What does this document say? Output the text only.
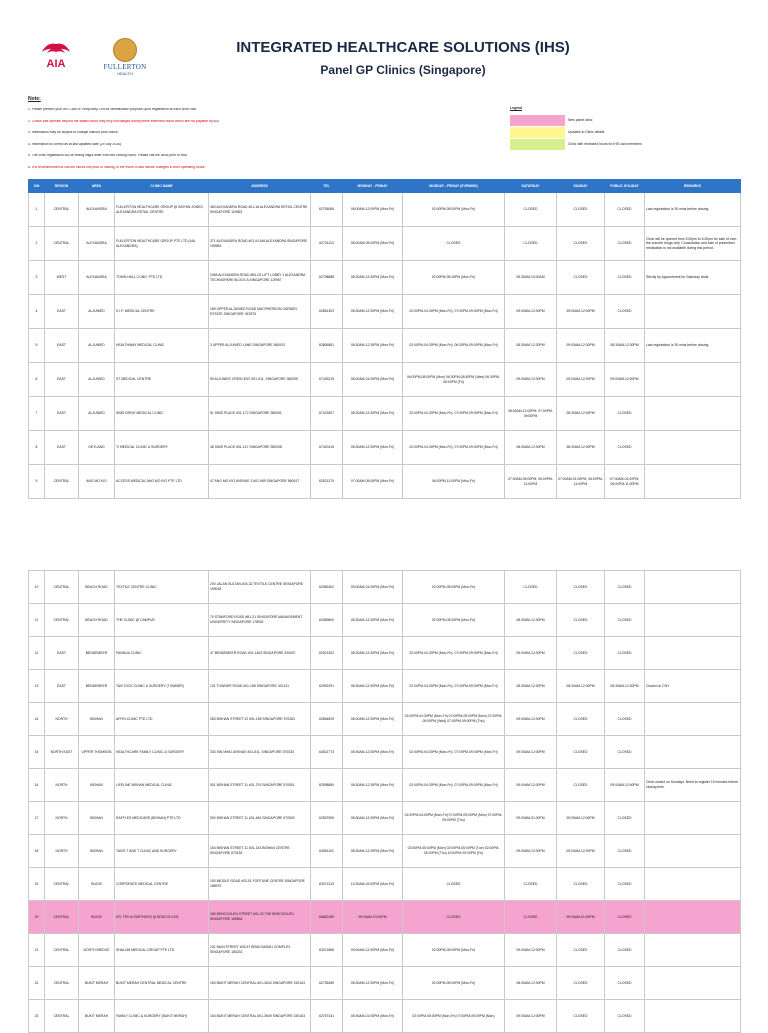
AIA	FULLERTON
HEALTH
INTEGRATED HEALTHCARE SOLUTIONS (IHS)
Panel GP Clinics (Singapore)
Note:
1. Please present your IHS Card or Temporary Chit for identification purpose upon registration at each clinic visit.
2. Clinics that operate beyond the stated hours may levy surcharges during these extended hours which are not payable by AIA.
3. Information may be subject to change without prior notice.
4. Information is correct as at last updated date (29 July 2016).
5. The clinic registration cut-off timing might differ from the closing hours. Please call the clinic prior to visit.
6. It is recommended to call the clinics first prior to visiting, in the event of last minute changes in their operating hours.
Legend
New panel clinic
Updates to Clinic details
Clinic with restricted hours for IHS card members
S/N	REGION	AREA	CLINIC NAME	ADDRESS	TEL	MONDAY - FRIDAY	MONDAY - FRIDAY (EVENING)	SATURDAY	SUNDAY	PUBLIC HOLIDAY	REMARKS
1	CENTRAL	ALEXANDRA	FULLERTON HEALTHCARE GROUP @ SATHIN JONES, ALEXANDRA RETAIL CENTRE	460 ALEXANDRA ROAD #01-16 ALEXANDRA RETAIL CENTRE SINGAPORE 119963	62755066	08:00AM-12:00PM (Mon-Fri)	02:00PM-05:00PM (Mon-Fri)	CLOSED	CLOSED	CLOSED	Last registration is 30 mins before closing
2	CENTRAL	ALEXANDRA	FULLERTON HEALTHCARE GROUP PTE LTD (AIA ALEXANDRA)	371 ALEXANDRA ROAD #01-04 AIA ALEXANDRA SINGAPORE 159963	62701113	08:00AM-05:00PM (Mon-Fri)	CLOSED	CLOSED	CLOSED	CLOSED	Clinic will be opened from 5.00pm to 5.30pm for sale of over-the-counter drugs only. Consultation and sale of prescribed medication is not available during this period.
3	WEST	ALEXANDRA	TOWN HALL CLINIC PTE LTD	1065 ALEXANDRA ROAD #B1-02 LIFT LOBBY 1 ALEXANDRA TECHNOPARK BLOCK A SINGAPORE 119967	62798888	08:30AM-12:30PM (Mon-Fri)	02:00PM-05:15PM (Mon-Fri)	08:30AM-10:00AM	CLOSED	CLOSED	Strictly by Appointment for Saturday visits
4	EAST	ALJUNIED	K.I.P. MEDICAL CENTRE	189 UPPER ALJUNIED ROAD MACPHERSON GARDEN ESTATE SINGAPORE 367875	62861303	08:30AM-12:30PM (Mon-Fri)	02:00PM-04:30PM (Mon-Fri), 07:00PM-09:00PM (Mon-Fri)	09:00AM-12:00PM	09:00AM-12:00PM	CLOSED	
5	EAST	ALJUNIED	HEALTHWAY MEDICAL CLINIC	3 UPPER ALJUNIED LANE SINGAPORE 360003	62806861	08:30AM-12:30PM (Mon-Fri)	02:00PM-04:30PM (Mon-Fri), 06:30PM-09:00PM (Mon-Fri)	08:30AM-12:30PM	09:00AM-12:30PM	08:30AM-12:30PM	Last registration is 30 mins before closing
6	EAST	ALJUNIED	ST MEDICAL CENTRE	95 ALJUNIED CRESCENT #01-511, SINGAPORE 380095	67426219	08:00AM-01:00PM (Mon-Fri)	06:00PM-08:00PM (Mon) 06:30PM-08:30PM (Wed) 06:30PM-08:00PM (Fri)	09:00AM-12:00PM	09:00AM-12:00PM	09:00AM-12:00PM	
7	EAST	ALJUNIED	SIMS DRIVE MEDICAL CLINIC	51 SIMS PLACE #01-172 SINGAPORE 380051	67421807	08:30AM-12:30PM (Mon-Fri)	02:00PM-04:30PM (Mon-Fri), 07:00PM-09:00PM (Mon-Fri)	08:00AM-12:00PM, 07:00PM-09:00PM	08:30AM-12:00PM	CLOSED	
8	EAST	GEYLANG	TI MEDICAL CLINIC & SURGERY	38 SIMS PLACE #01-147 SINGAPORE 380038	67420415	08:30AM-12:30PM (Mon-Fri)	02:00PM-04:30PM (Mon-Fri), 07:00PM-09:00PM (Mon-Fri)	08:30AM-12:30PM	08:30AM-12:30PM	CLOSED	
9	CENTRAL	ANG MO KIO	ACCESS MEDICAL ANG MO KIO PTE LTD	47 ANG MO KIO AVENUE 3 #01-989 SINGAPORE 560047	62521370	07:00AM-05:00PM (Mon-Fri)	06:00PM-11:00PM (Mon-Fri)	07:00AM-05:00PM, 06:00PM-11:00PM	07:00AM-01:00PM, 06:00PM-11:00PM	07:00AM-01:00PM, 06:00PM-11:00PM	
10	CENTRAL	BEACH ROAD	TEXTILE CENTRE CLINIC	200 JALAN SULTAN #03-32 TEXTILE CENTRE SINGAPORE 199018	62982402	09:00AM-01:00PM (Mon-Fri)	02:00PM-05:00PM (Mon-Fri)	CLOSED	CLOSED	CLOSED	
11	CENTRAL	BEACH ROAD	THE CLINIC @ CAMPUS	70 STAMFORD ROAD #B1-21 SINGAPORE MANAGEMENT UNIVERSITY SINGAPORE 178901	63369800	08:30AM-12:30PM (Mon-Fri)	02:00PM-05:00PM (Mon-Fri)	08:30AM-12:30PM	CLOSED	CLOSED	
12	EAST	BENDEMEER	PANDUA CLINIC	47 BENDEMEER ROAD #01-1463 SINGAPORE 330047	62921302	08:30AM-12:30PM (Mon-Fri)	02:00PM-04:30PM (Mon-Fri), 07:00PM-09:00PM (Mon-Fri)	09:00AM-12:00PM	CLOSED	CLOSED	
13	EAST	BENDEMEER	TAN TOCK CLINIC & SURGERY (TOWNER)	131 TOWNER ROAD #01-158 SINGAPORE 322131	62992291	08:30AM-12:30PM (Mon-Fri)	02:00PM-04:30PM (Mon-Fri), 07:00PM-09:00PM (Mon-Fri)	08:30AM-12:30PM	08:30AM-12:30PM	08:30AM-12:30PM	Closed on CNY
14	NORTH	BISHAN	AFFIN CLINIC PTE LTD	283 BISHAN STREET 22 #01-185 SINGAPORE 570283	63564829	08:00AM-12:30PM (Mon-Fri)	02:00PM-04:30PM (Mon-Fri) 07:00PM-09:00PM (Mon) 07:00PM-09:00PM (Wed) 07:00PM-09:00PM (Thu)	09:00AM-12:00PM	CLOSED	CLOSED	
15	NORTH EAST	UPPER THOMSON	HEALTHCARE FAMILY CLINIC & SURGERY	333 SIN MING AVENUE #01-511, SINGAPORE 570333	64521773	08:30AM-12:30PM (Mon-Fri)	02:00PM-04:30PM (Mon-Fri), 07:00PM-09:00PM (Mon-Fri)	09:00AM-12:00PM	CLOSED	CLOSED	
16	NORTH	BISHAN	LIFELINE BISHAN MEDICAL CLINIC	501 BISHAN STREET 11 #01-376 SINGAPORE 570501	62598869	08:30AM-12:30PM (Mon-Fri)	02:00PM-04:30PM (Mon-Fri), 07:00PM-09:00PM (Mon-Fri)	09:00AM-12:00PM	CLOSED	09:00AM-12:00PM	Clinic closed on Sundays. Need to register 15 minutes before closing time.
17	NORTH	BISHAN	RAFFLES MEDICARE (BISHAN) PTE LTD	500 BISHAN STREET 11 #01-484 SINGAPORE 570500	62597505	08:30AM-12:30PM (Mon-Fri)	02:00PM-04:00PM (Mon-Fri) 07:00PM-09:00PM (Mon) 07:00PM-09:00PM (Thu)	09:00AM-01:00PM	09:00AM-12:00PM	CLOSED	
18	NORTH	BISHAN	TAN'S T AND T CLINIC AND SURGERY	153 BISHAN STREET 11 #01-153 BISHAN CENTRE SINGAPORE 570153	64561101	08:30AM-12:30PM (Mon-Fri)	02:00PM-05:00PM (Mon) 02:00PM-05:00PM (Tue) 02:00PM-05:00PM (Thu) 10:00PM-05:00PM (Fri)	09:00AM-12:00PM	09:00AM-12:00PM	CLOSED	
19	CENTRAL	BUGIS	CORPORATE MEDICAL CENTRE	190 MIDDLE ROAD #03-01 FORTUNE CENTRE SINGAPORE 188979	63371313	10:30AM-02:00PM (Mon-Fri)	CLOSED	CLOSED	CLOSED	CLOSED	
20	CENTRAL	BUGIS	DR. TEH & PARTNERS @ BENCOOLEN	180 BENCOOLEN STREET #01-20 THE BENCOOLEN SINGAPORE 189646	68862159	09:00AM-03:00PM	CLOSED	CLOSED	09:00AM-01:00PM	CLOSED	
21	CENTRAL	NORTH BRIDGE	SHALOM MEDICAL GROUP PTE LTD	231 BAIN STREET #03-57 BRAS BASAH COMPLEX SINGAPORE 180231	63371866	09:00AM-12:30PM (Mon-Fri)	02:00PM-05:00PM (Mon-Fri)	09:00AM-12:00PM	CLOSED	CLOSED	
22	CENTRAL	BUKIT MERAH	BUKIT MERAH CENTRAL MEDICAL CENTRE	163 BUKIT MERAH CENTRAL #01-3643 SINGAPORE 150163	62735455	08:30AM-12:30PM (Mon-Fri)	02:00PM-05:00PM (Mon-Fri)	08:30AM-12:30PM	CLOSED	CLOSED	
23	CENTRAL	BUKIT MERAH	FAMILY CLINIC & SURGERY (BUKIT MERAH)	163 BUKIT MERAH CENTRAL #01-3649 SINGAPORE 150163	62767431	08:30AM-01:00PM (Mon-Fri)	02:00PM-05:00PM (Mon-Fri) 07:00PM-09:00PM (Mon)	09:00AM-12:00PM	CLOSED	CLOSED	
